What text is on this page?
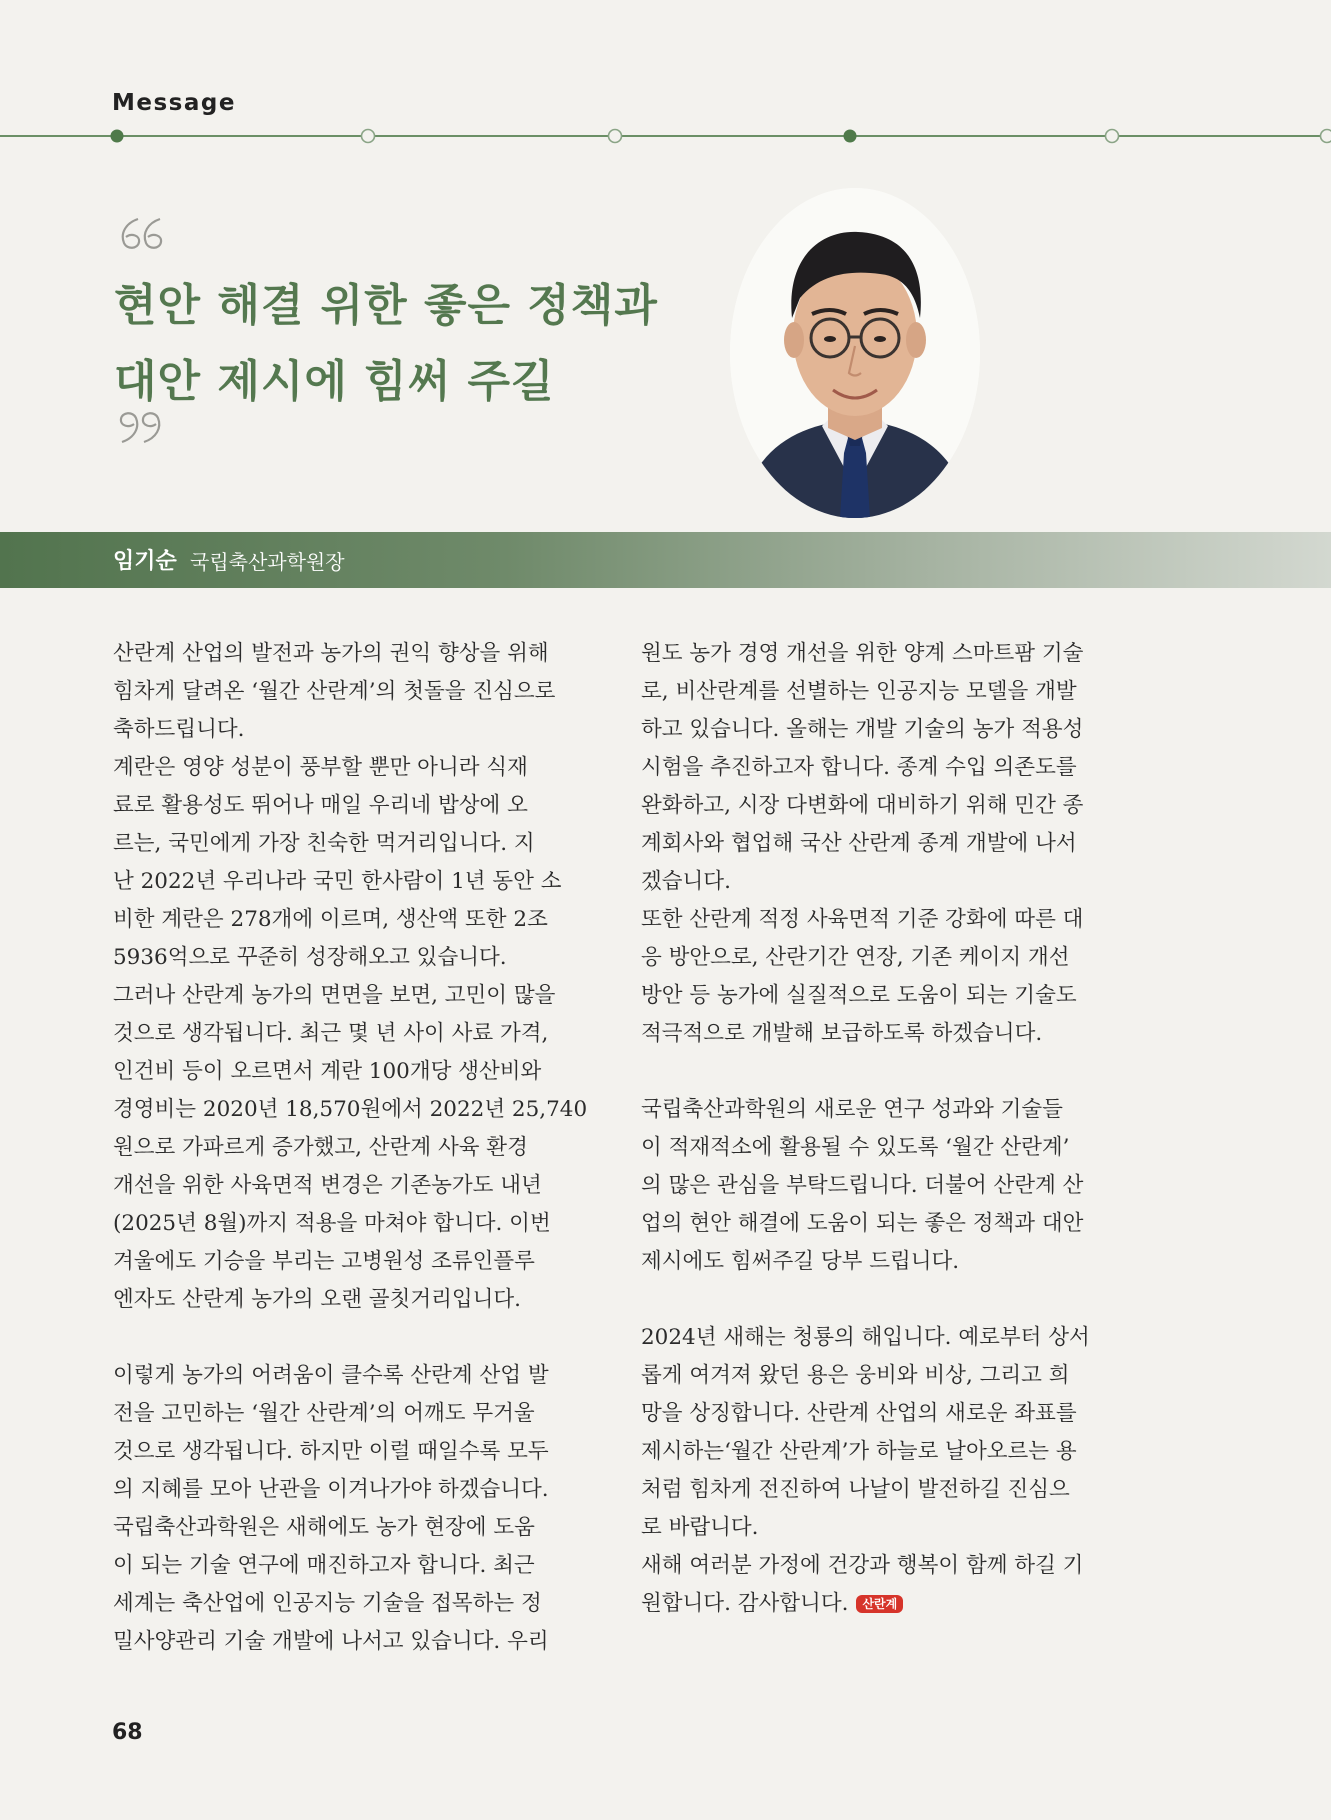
Message
현안 해결 위한 좋은 정책과
대안 제시에 힘써 주길
임기순 국립축산과학원장
산란계 산업의 발전과 농가의 권익 향상을 위해
힘차게 달려온 ‘월간 산란계’의 첫돌을 진심으로
축하드립니다.
계란은 영양 성분이 풍부할 뿐만 아니라 식재
료로 활용성도 뛰어나 매일 우리네 밥상에 오
르는, 국민에게 가장 친숙한 먹거리입니다. 지
난 2022년 우리나라 국민 한사람이 1년 동안 소
비한 계란은 278개에 이르며, 생산액 또한 2조
5936억으로 꾸준히 성장해오고 있습니다.
그러나 산란계 농가의 면면을 보면, 고민이 많을
것으로 생각됩니다. 최근 몇 년 사이 사료 가격,
인건비 등이 오르면서 계란 100개당 생산비와
경영비는 2020년 18,570원에서 2022년 25,740
원으로 가파르게 증가했고, 산란계 사육 환경
개선을 위한 사육면적 변경은 기존농가도 내년
(2025년 8월)까지 적용을 마쳐야 합니다. 이번
겨울에도 기승을 부리는 고병원성 조류인플루
엔자도 산란계 농가의 오랜 골칫거리입니다.
이렇게 농가의 어려움이 클수록 산란계 산업 발
전을 고민하는 ‘월간 산란계’의 어깨도 무거울
것으로 생각됩니다. 하지만 이럴 때일수록 모두
의 지혜를 모아 난관을 이겨나가야 하겠습니다.
국립축산과학원은 새해에도 농가 현장에 도움
이 되는 기술 연구에 매진하고자 합니다. 최근
세계는 축산업에 인공지능 기술을 접목하는 정
밀사양관리 기술 개발에 나서고 있습니다. 우리
원도 농가 경영 개선을 위한 양계 스마트팜 기술
로, 비산란계를 선별하는 인공지능 모델을 개발
하고 있습니다. 올해는 개발 기술의 농가 적용성
시험을 추진하고자 합니다. 종계 수입 의존도를
완화하고, 시장 다변화에 대비하기 위해 민간 종
계회사와 협업해 국산 산란계 종계 개발에 나서
겠습니다.
또한 산란계 적정 사육면적 기준 강화에 따른 대
응 방안으로, 산란기간 연장, 기존 케이지 개선
방안 등 농가에 실질적으로 도움이 되는 기술도
적극적으로 개발해 보급하도록 하겠습니다.
국립축산과학원의 새로운 연구 성과와 기술들
이 적재적소에 활용될 수 있도록 ‘월간 산란계’
의 많은 관심을 부탁드립니다. 더불어 산란계 산
업의 현안 해결에 도움이 되는 좋은 정책과 대안
제시에도 힘써주길 당부 드립니다.
2024년 새해는 청룡의 해입니다. 예로부터 상서
롭게 여겨져 왔던 용은 웅비와 비상, 그리고 희
망을 상징합니다. 산란계 산업의 새로운 좌표를
제시하는‘월간 산란계’가 하늘로 날아오르는 용
처럼 힘차게 전진하여 나날이 발전하길 진심으
로 바랍니다.
새해 여러분 가정에 건강과 행복이 함께 하길 기
원합니다. 감사합니다. 산란계
68
